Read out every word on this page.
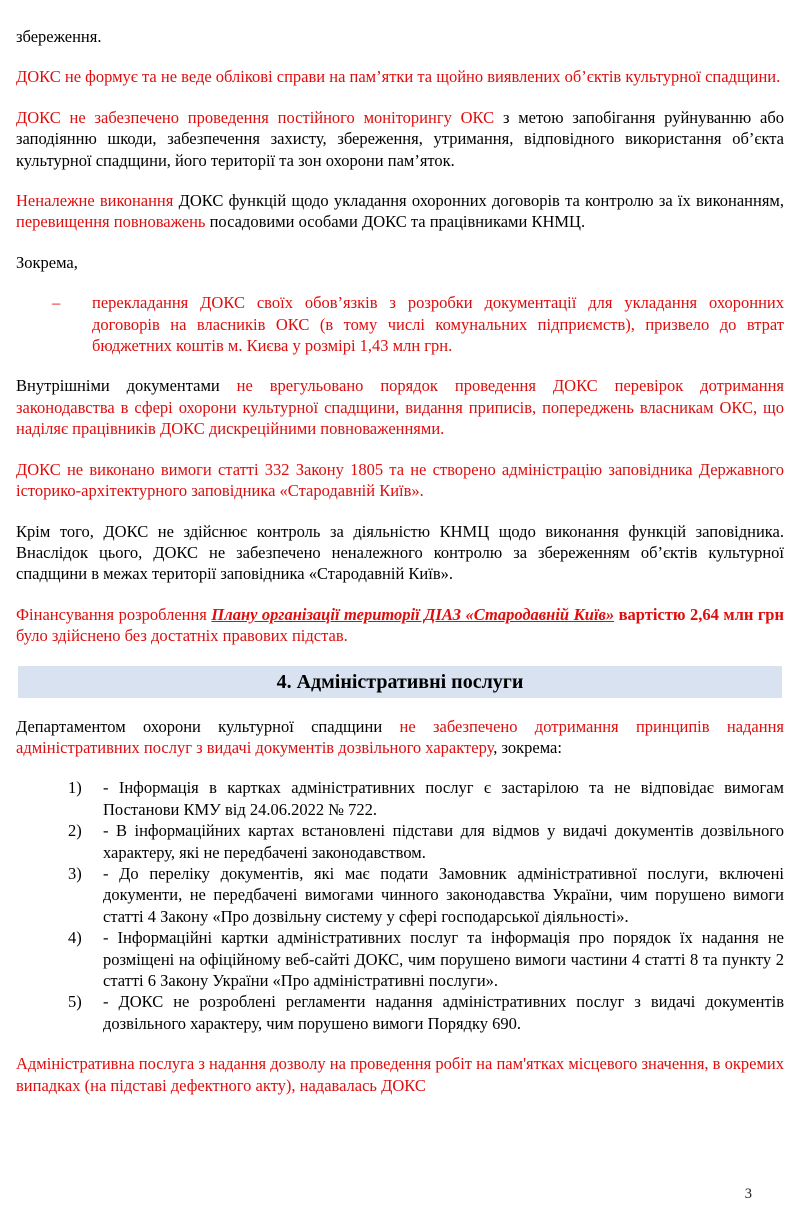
збереження.

ДОКС не формує та не веде облікові справи на пам’ятки та щойно виявлених об’єктів культурної спадщини.

ДОКС не забезпечено проведення постійного моніторингу ОКС з метою запобігання руйнуванню або заподіянню шкоди, забезпечення захисту, збереження, утримання, відповідного використання об’єкта культурної спадщини, його території та зон охорони пам’яток.

Неналежне виконання ДОКС функцій щодо укладання охоронних договорів та контролю за їх виконанням, перевищення повноважень посадовими особами ДОКС та працівниками КНМЦ.

Зокрема,

–	перекладання ДОКС своїх обов’язків з розробки документації для укладання охоронних договорів на власників ОКС (в тому числі комунальних підприємств), призвело до втрат бюджетних коштів м. Києва у розмірі 1,43 млн грн.

Внутрішніми документами не врегульовано порядок проведення ДОКС перевірок дотримання законодавства в сфері охорони культурної спадщини, видання приписів, попереджень власникам ОКС, що наділяє працівників ДОКС дискреційними повноваженнями.

ДОКС не виконано вимоги статті 332 Закону 1805 та не створено адміністрацію заповідника Державного історико-архітектурного заповідника «Стародавній Київ».

Крім того, ДОКС не здійснює контроль за діяльністю КНМЦ щодо виконання функцій заповідника. Внаслідок цього, ДОКС не забезпечено неналежного контролю за збереженням об’єктів культурної спадщини в межах території заповідника «Стародавній Київ».

Фінансування розроблення Плану організації території ДІАЗ «Стародавній Київ» вартістю 2,64 млн грн було здійснено без достатніх правових підстав.

4. Адміністративні послуги

Департаментом охорони культурної спадщини не забезпечено дотримання принципів надання адміністративних послуг з видачі документів дозвільного характеру, зокрема:

1)	- Інформація в картках адміністративних послуг є застарілою та не відповідає вимогам Постанови КМУ від 24.06.2022 № 722.
2)	- В інформаційних картах встановлені підстави для відмов у видачі документів дозвільного характеру, які не передбачені законодавством.
3)	- До переліку документів, які має подати Замовник адміністративної послуги, включені документи, не передбачені вимогами чинного законодавства України, чим порушено вимоги статті 4 Закону «Про дозвільну систему у сфері господарської діяльності».
4)	- Інформаційні картки адміністративних послуг та інформація про порядок їх надання не розміщені на офіційному веб-сайті ДОКС, чим порушено вимоги частини 4 статті 8 та пункту 2 статті 6 Закону України «Про адміністративні послуги».
5)	- ДОКС не розроблені регламенти надання адміністративних послуг з видачі документів дозвільного характеру, чим порушено вимоги Порядку 690.

Адміністративна послуга з надання дозволу на проведення робіт на пам'ятках місцевого значення, в окремих випадках (на підставі дефектного акту), надавалась ДОКС

3
